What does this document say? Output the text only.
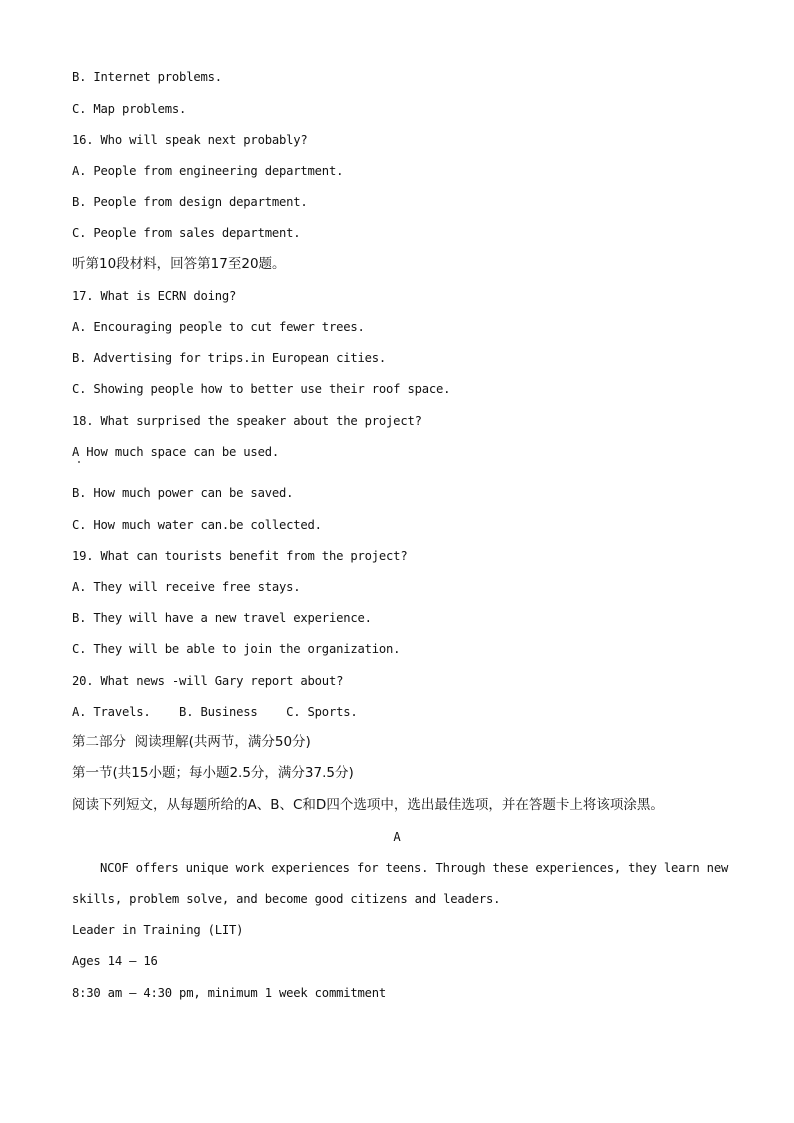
B. Internet problems.
C. Map problems.
16. Who will speak next probably?
A. People from engineering department.
B. People from design department.
C. People from sales department.
听第10段材料，回答第17至20题。
17. What is ECRN doing?
A. Encouraging people to cut fewer trees.
B. Advertising for trips.in European cities.
C. Showing people how to better use their roof space.
18. What surprised the speaker about the project?
A How much space can be used.
B. How much power can be saved.
C. How much water can.be collected.
19. What can tourists benefit from the project?
A. They will receive free stays.
B. They will have a new travel experience.
C. They will be able to join the organization.
20. What news -will Gary report about?
A. Travels.    B. Business    C. Sports.
第二部分  阅读理解(共两节，满分50分)
第一节(共15小题；每小题2.5分，满分37.5分)
阅读下列短文，从每题所给的A、B、C和D四个选项中，选出最佳选项，并在答题卡上将该项涂黑。
A
NCOF offers unique work experiences for teens. Through these experiences, they learn new
skills, problem solve, and become good citizens and leaders.
Leader in Training (LIT)
Ages 14 — 16
8:30 am — 4:30 pm, minimum 1 week commitment
